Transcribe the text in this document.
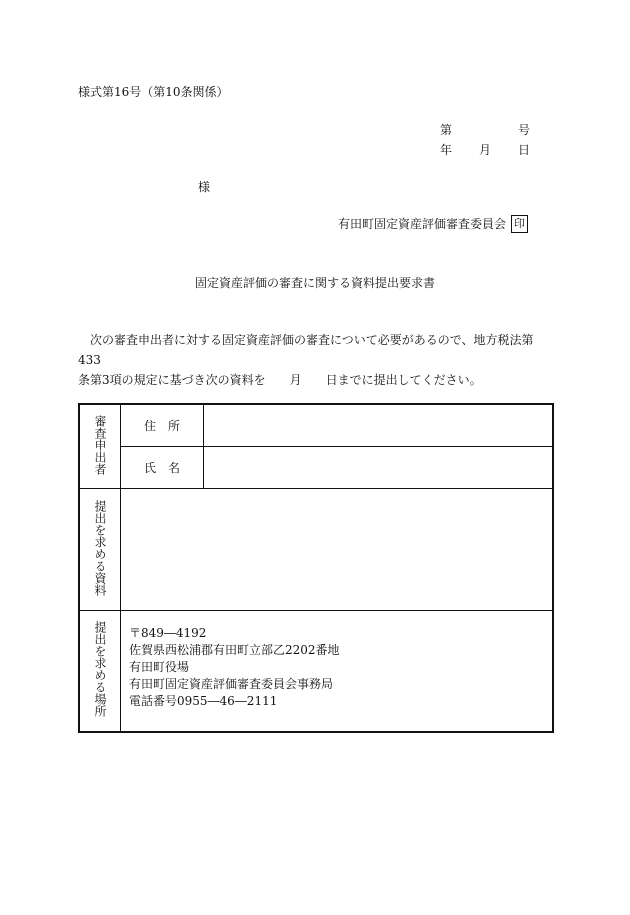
様式第16号（第10条関係）
第	号
年 月 日
様
有田町固定資産評価審査委員会 印
固定資産評価の審査に関する資料提出要求書

　次の審査申出者に対する固定資産評価の審査について必要があるので、地方税法第433

条第3項の規定に基づき次の資料を　　月　　日までに提出してください。

審査申出者	住所	
	氏名	
提出を求める資料		
提出を求める場所	〒849―4192
佐賀県西松浦郡有田町立部乙2202番地
有田町役場
有田町固定資産評価審査委員会事務局
電話番号0955―46―2111	
